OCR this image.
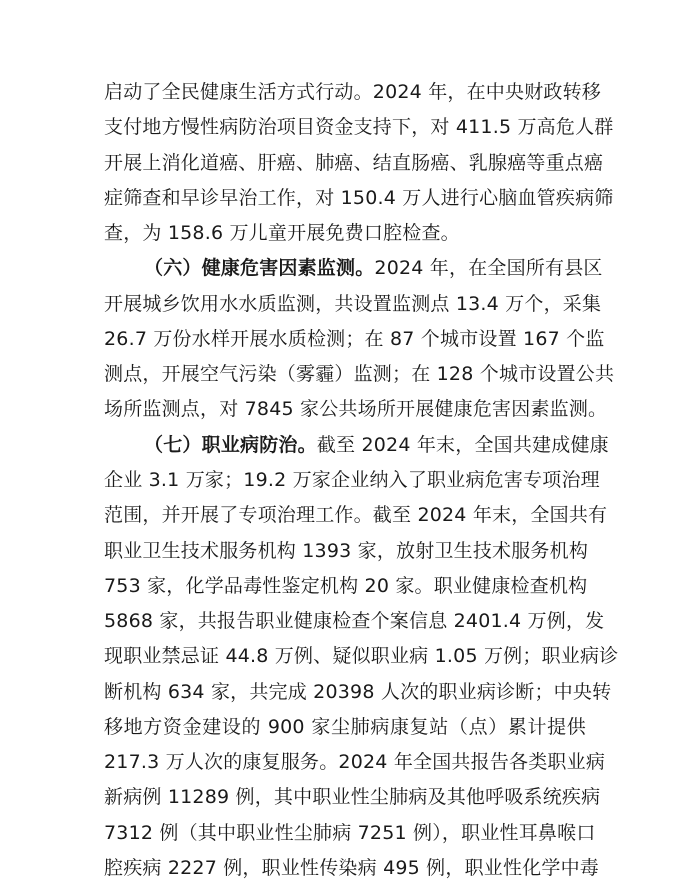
启动了全民健康生活方式行动。2024 年，在中央财政转移
支付地方慢性病防治项目资金支持下，对 411.5 万高危人群
开展上消化道癌、肝癌、肺癌、结直肠癌、乳腺癌等重点癌
症筛查和早诊早治工作，对 150.4 万人进行心脑血管疾病筛
查，为 158.6 万儿童开展免费口腔检查。
（六）健康危害因素监测。2024 年，在全国所有县区
开展城乡饮用水水质监测，共设置监测点 13.4 万个，采集
26.7 万份水样开展水质检测；在 87 个城市设置 167 个监
测点，开展空气污染（雾霾）监测；在 128 个城市设置公共
场所监测点，对 7845 家公共场所开展健康危害因素监测。
（七）职业病防治。截至 2024 年末，全国共建成健康
企业 3.1 万家；19.2 万家企业纳入了职业病危害专项治理
范围，并开展了专项治理工作。截至 2024 年末，全国共有
职业卫生技术服务机构 1393 家，放射卫生技术服务机构
753 家，化学品毒性鉴定机构 20 家。职业健康检查机构
5868 家，共报告职业健康检查个案信息 2401.4 万例，发
现职业禁忌证 44.8 万例、疑似职业病 1.05 万例；职业病诊
断机构 634 家，共完成 20398 人次的职业病诊断；中央转
移地方资金建设的 900 家尘肺病康复站（点）累计提供
217.3 万人次的康复服务。2024 年全国共报告各类职业病
新病例 11289 例，其中职业性尘肺病及其他呼吸系统疾病
7312 例（其中职业性尘肺病 7251 例），职业性耳鼻喉口
腔疾病 2227 例，职业性传染病 495 例，职业性化学中毒
